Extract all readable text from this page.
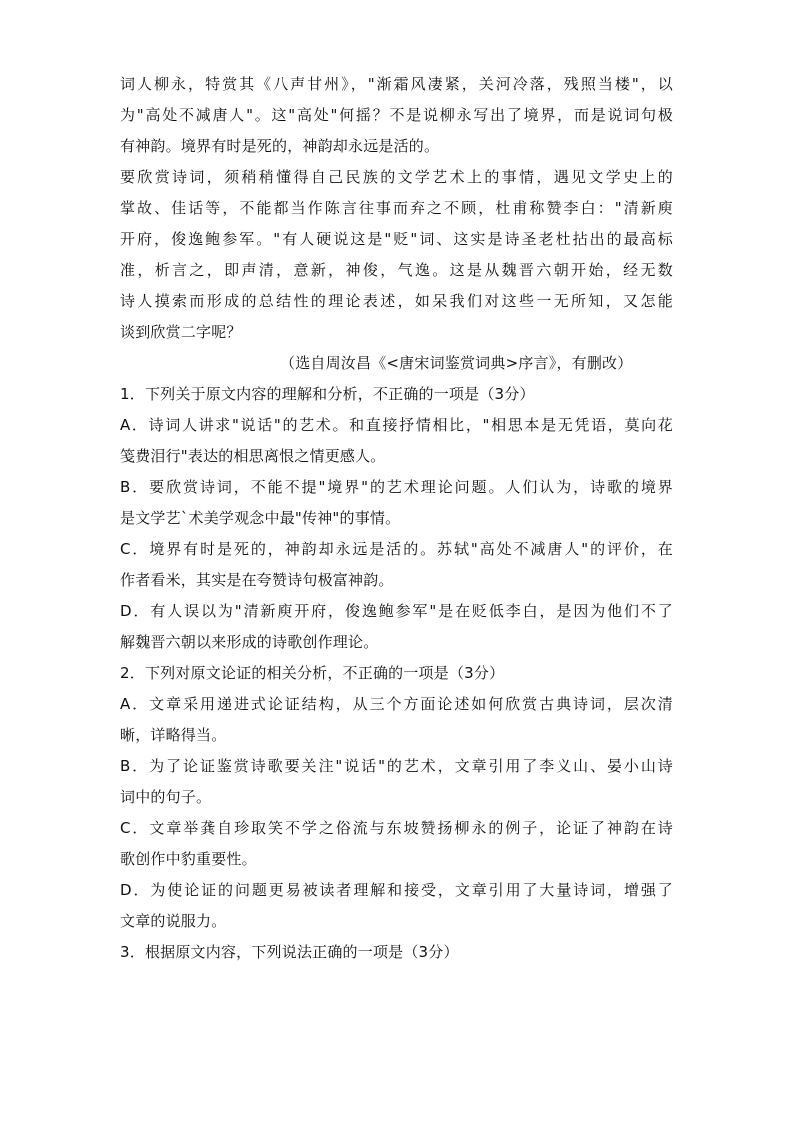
词人柳永，特赏其《八声甘州》，"渐霜风凄紧，关河冷落，残照当楼"，以
为"高处不减唐人"。这"高处"何摇？不是说柳永写出了境界，而是说词句极
有神韵。境界有时是死的，神韵却永远是活的。
要欣赏诗词，须稍稍懂得自己民族的文学艺术上的事情，遇见文学史上的
掌故、佳话等，不能都当作陈言往事而弃之不顾，杜甫称赞李白："清新庾
开府，俊逸鲍参军。"有人硬说这是"贬"词、这实是诗圣老杜拈出的最高标
准，析言之，即声清，意新，神俊，气逸。这是从魏晋六朝开始，经无数
诗人摸索而形成的总结性的理论表述，如呆我们对这些一无所知，又怎能
谈到欣赏二字呢？
（选自周汝昌《<唐宋词鉴赏词典>序言》，有删改）
1．下列关于原文内容的理解和分析，不正确的一项是（3分）
A．诗词人讲求"说话"的艺术。和直接抒情相比，"相思本是无凭语，莫向花
笺费泪行"表达的相思离恨之情更感人。
B．要欣赏诗词，不能不提"境界"的艺术理论问题。人们认为，诗歌的境界
是文学艺`术美学观念中最"传神"的事情。
C．境界有时是死的，神韵却永远是活的。苏轼"高处不减唐人"的评价，在
作者看米，其实是在夸赞诗句极富神韵。
D．有人误以为"清新庾开府，俊逸鲍参军"是在贬低李白，是因为他们不了
解魏晋六朝以来形成的诗歌创作理论。
2．下列对原文论证的相关分析，不正确的一项是（3分）
A．文章采用递进式论证结构，从三个方面论述如何欣赏古典诗词，层次清
晰，详略得当。
B．为了论证鉴赏诗歌要关注"说话"的艺术，文章引用了李义山、晏小山诗
词中的句子。
C．文章举龚自珍取笑不学之俗流与东坡赞扬柳永的例子，论证了神韵在诗
歌创作中豹重要性。
D．为使论证的问题更易被读者理解和接受，文章引用了大量诗词，增强了
文章的说服力。
3．根据原文内容，下列说法正确的一项是（3分）
